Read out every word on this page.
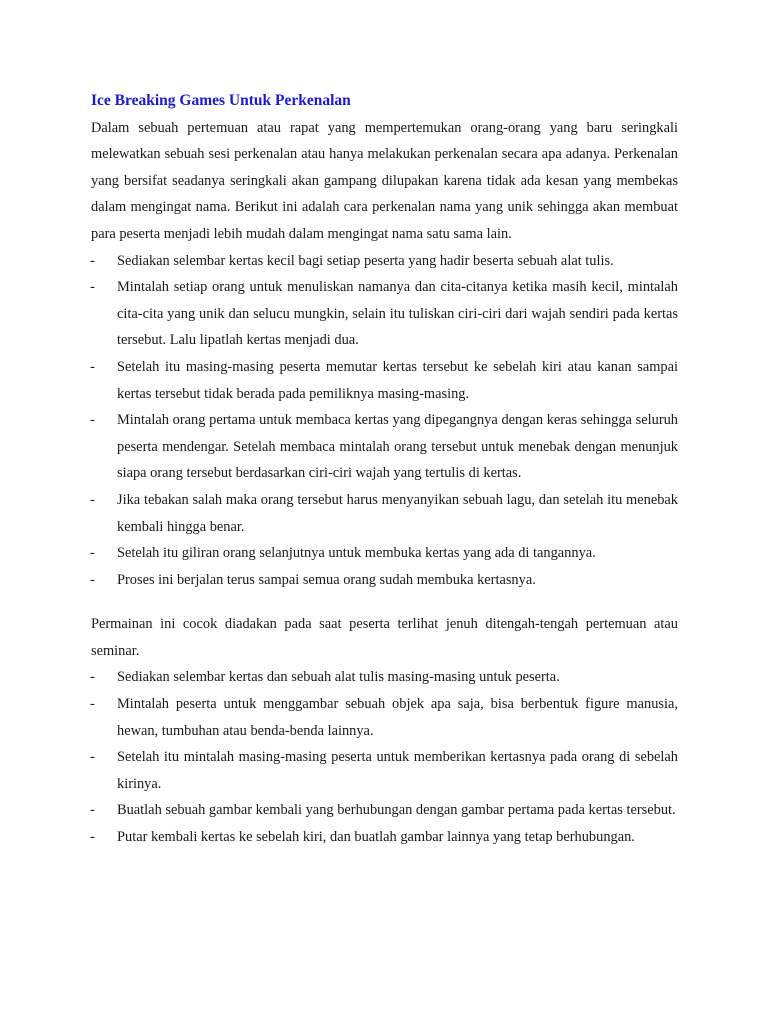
Ice Breaking Games Untuk Perkenalan

Dalam sebuah pertemuan atau rapat yang mempertemukan orang-orang yang baru seringkali melewatkan sebuah sesi perkenalan atau hanya melakukan perkenalan secara apa adanya. Perkenalan yang bersifat seadanya seringkali akan gampang dilupakan karena tidak ada kesan yang membekas dalam mengingat nama. Berikut ini adalah cara perkenalan nama yang unik sehingga akan membuat para peserta menjadi lebih mudah dalam mengingat nama satu sama lain.

- Sediakan selembar kertas kecil bagi setiap peserta yang hadir beserta sebuah alat tulis.
- Mintalah setiap orang untuk menuliskan namanya dan cita-citanya ketika masih kecil, mintalah cita-cita yang unik dan selucu mungkin, selain itu tuliskan ciri-ciri dari wajah sendiri pada kertas tersebut. Lalu lipatlah kertas menjadi dua.
- Setelah itu masing-masing peserta memutar kertas tersebut ke sebelah kiri atau kanan sampai kertas tersebut tidak berada pada pemiliknya masing-masing.
- Mintalah orang pertama untuk membaca kertas yang dipegangnya dengan keras sehingga seluruh peserta mendengar. Setelah membaca mintalah orang tersebut untuk menebak dengan menunjuk siapa orang tersebut berdasarkan ciri-ciri wajah yang tertulis di kertas.
- Jika tebakan salah maka orang tersebut harus menyanyikan sebuah lagu, dan setelah itu menebak kembali hingga benar.
- Setelah itu giliran orang selanjutnya untuk membuka kertas yang ada di tangannya.
- Proses ini berjalan terus sampai semua orang sudah membuka kertasnya.

Permainan ini cocok diadakan pada saat peserta terlihat jenuh ditengah-tengah pertemuan atau seminar.

- Sediakan selembar kertas dan sebuah alat tulis masing-masing untuk peserta.
- Mintalah peserta untuk menggambar sebuah objek apa saja, bisa berbentuk figure manusia, hewan, tumbuhan atau benda-benda lainnya.
- Setelah itu mintalah masing-masing peserta untuk memberikan kertasnya pada orang di sebelah kirinya.
- Buatlah sebuah gambar kembali yang berhubungan dengan gambar pertama pada kertas tersebut.
- Putar kembali kertas ke sebelah kiri, dan buatlah gambar lainnya yang tetap berhubungan.
